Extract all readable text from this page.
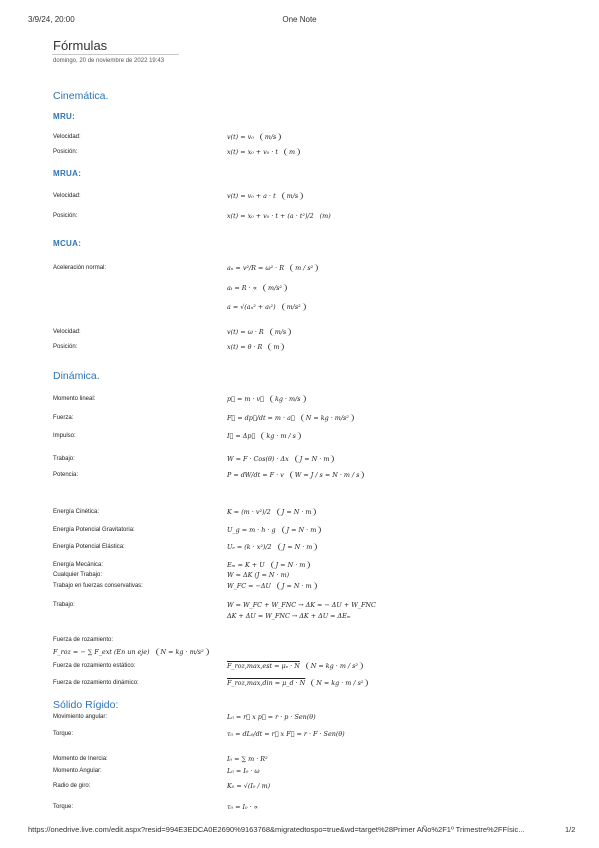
3/9/24, 20:00	One Note
Fórmulas
domingo, 20 de noviembre de 2022 19:43
Cinemática.
MRU:
Velocidad:	v(t) = v₀ m/s
Posición:	x(t) = x₀ + v₀ · t m
MRUA:
Velocidad:	v(t) = v₀ + a · t m/s
Posición:	x(t) = x₀ + v₀ · t + (a · t²)/2 (m)
MCUA:
Aceleración normal:	aₙ = v²/R = ω² · R m / s²
aₜ = R · ∝ m/s²
a = √(aₙ² + aₜ²) m/s²
Velocidad:	v(t) = ω · R m/s
Posición:	x(t) = θ · R m
Dinámica.
Momento lineal:	p⃗ = m · v⃗ kg · m/s
Fuerza:	F⃗ = dp⃗/dt = m · a⃗ N = kg · m/s²
Impulso:	I⃗ = Δp⃗ kg · m / s
Trabajo:	W = F · Cos(θ) · Δx J = N · m
Potencia:	P = dW/dt = F · v W = J / s = N · m / s
Energía Cinética:	K = (m · v²)/2 J = N · m
Energía Potencial Gravitatoria:	U_g = m · h · g J = N · m
Energía Potencial Elástica:	Uₑ = (k · x²)/2 J = N · m
Energía Mecánica:	Eₘ = K + U J = N · m
Cualquier Trabajo:	W = ΔK (J = N · m)
Trabajo en fuerzas conservativas:	W_FC = −ΔU J = N · m
Trabajo:	W = W_FC + W_FNC → ΔK = − ΔU + W_FNC
ΔK + ΔU = W_FNC → ΔK + ΔU = ΔEₘ
Fuerza de rozamiento:
F_roz = − ∑ F_ext (En un eje) N = kg · m/s²
Fuerza de rozamiento estático:	F_roz,max,est = μₑ · N N = kg · m / s²
Fuerza de rozamiento dinámico:	F_roz,max,din = μ_d · N N = kg · m / s²
Sólido Rígido:
Movimiento angular:	L₀ = r⃗ x p⃗ = r · p · Sen(θ)
Torque:	τ₀ = dL₀/dt = r⃗ x F⃗ = r · F · Sen(θ)
Momento de Inercia:	I₀ = ∑ m · R²
Momento Angular:	L₀ = I₀ · ω
Radio de giro:	K₀ = √(I₀ / m)
Torque:	τ₀ = I₀ · ∝
https://onedrive.live.com/edit.aspx?resid=994E3EDCA0E2690%9163768&migratedtospo=true&wd=target%28Primer AÑo%2F1º Trimestre%2FFísic...	1/2
